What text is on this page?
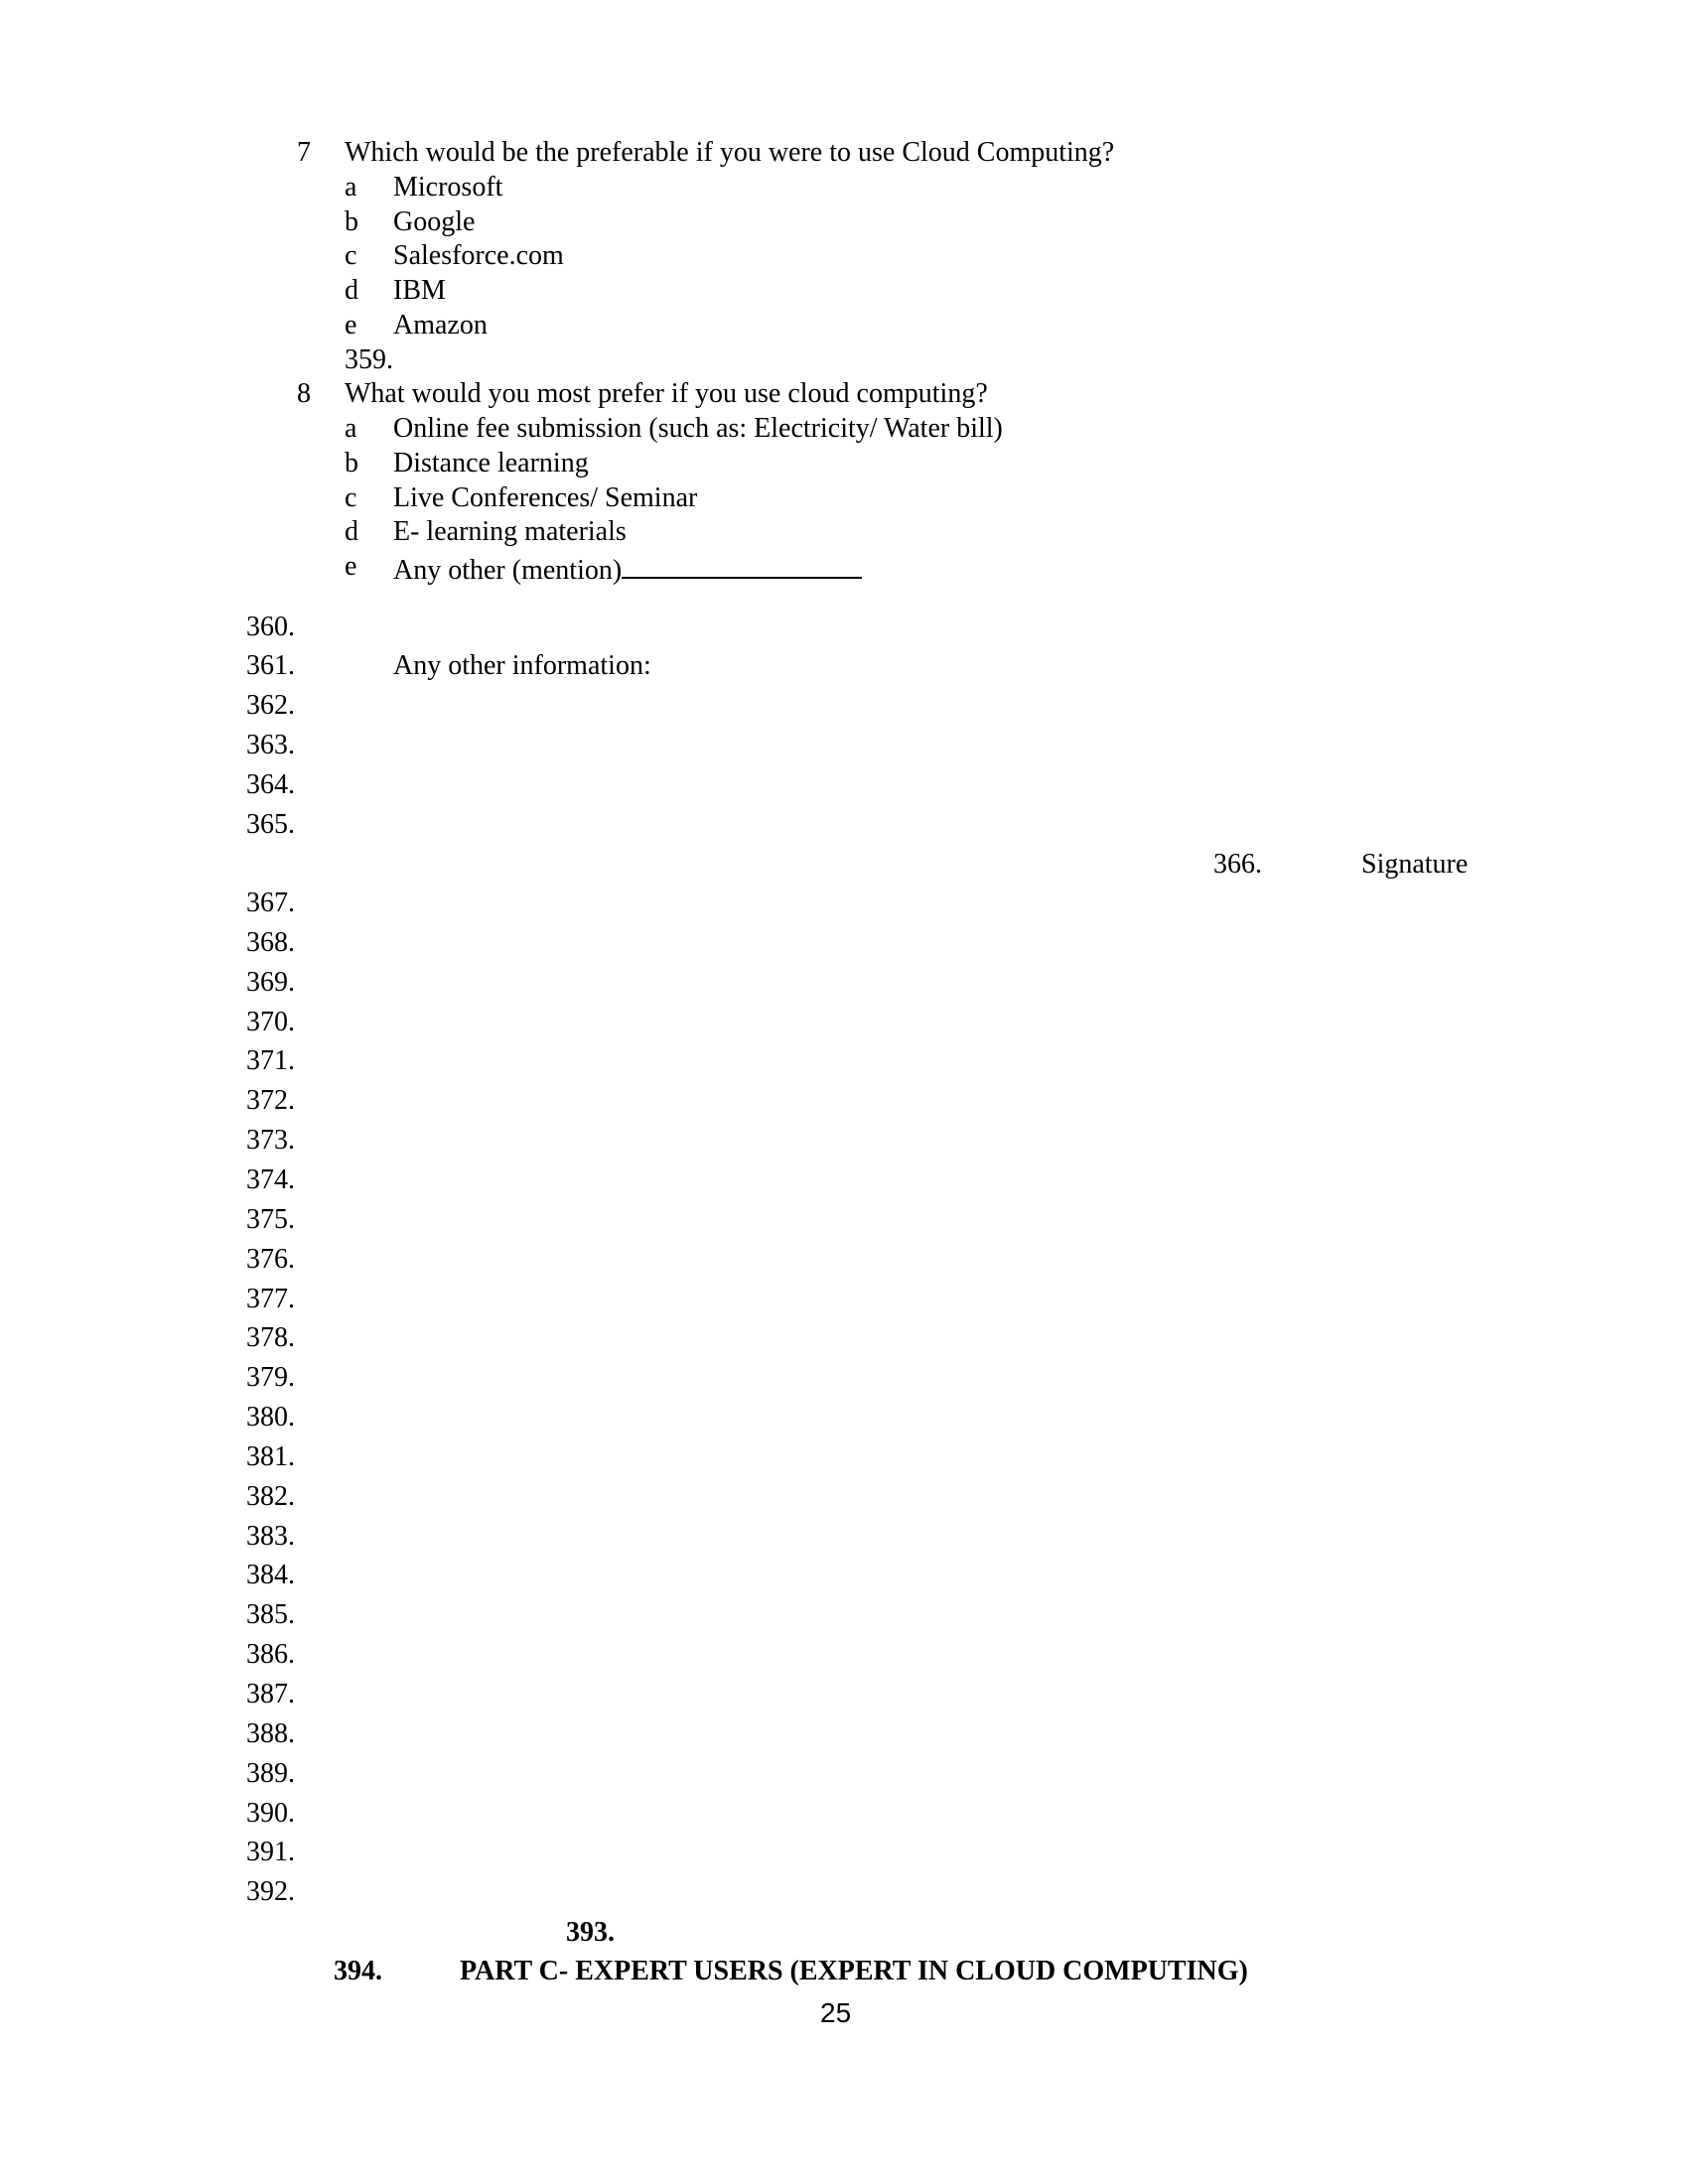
7 Which would be the preferable if you were to use Cloud Computing?
a Microsoft
b Google
c Salesforce.com
d IBM
e Amazon
359.
8 What would you most prefer if you use cloud computing?
a Online fee submission (such as: Electricity/ Water bill)
b Distance learning
c Live Conferences/ Seminar
d E- learning materials
e Any other (mention)
360.
361.	Any other information:
362.
363.
364.
365.
366.	Signature
367.
368.
369.
370.
371.
372.
373.
374.
375.
376.
377.
378.
379.
380.
381.
382.
383.
384.
385.
386.
387.
388.
389.
390.
391.
392.
393.
394.	PART C- EXPERT USERS (EXPERT IN CLOUD COMPUTING)
25
